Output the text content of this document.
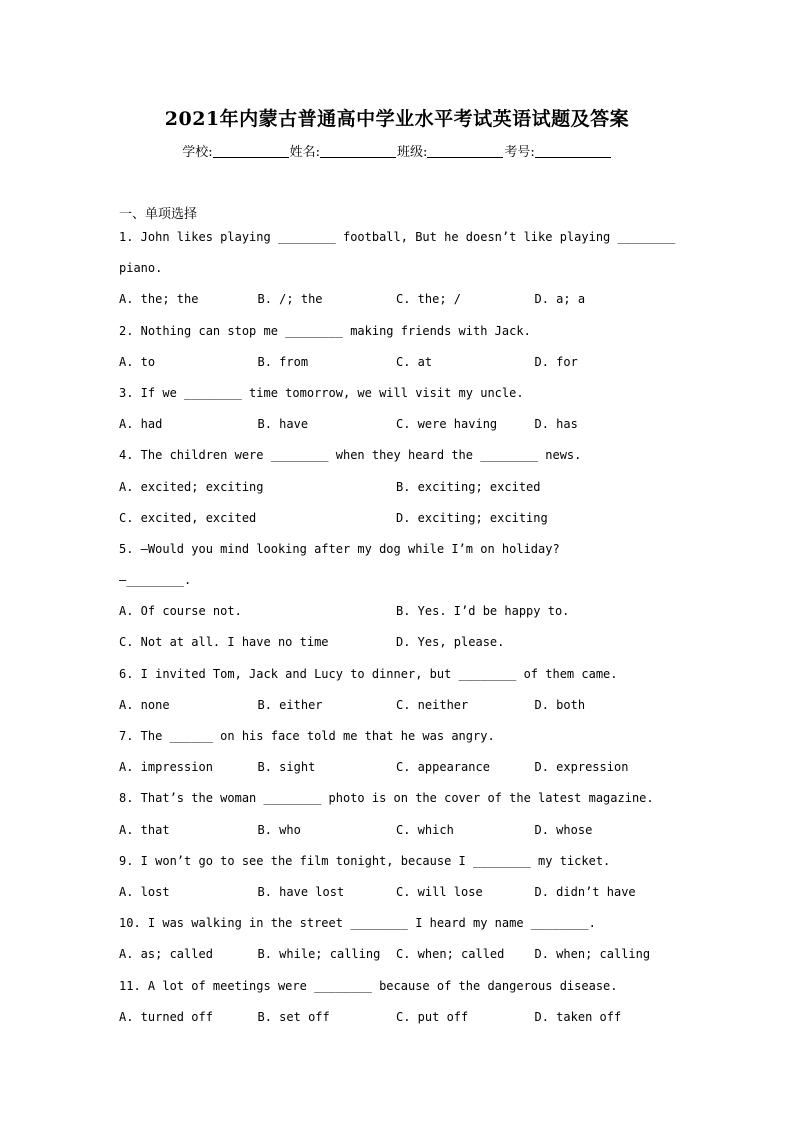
2021年内蒙古普通高中学业水平考试英语试题及答案
学校:	姓名:	班级:	考号:
一、单项选择
1. John likes playing ________ football, But he doesn’t like playing ________
piano.
A. the; the	B. /; the	C. the; /	D. a; a
2. Nothing can stop me ________ making friends with Jack.
A. to	B. from	C. at	D. for
3. If we ________ time tomorrow, we will visit my uncle.
A. had	B. have	C. were having	D. has
4. The children were ________ when they heard the ________ news.
A. excited; exciting	B. exciting; excited
C. excited, excited	D. exciting; exciting
5. —Would you mind looking after my dog while I’m on holiday?
—________.
A. Of course not.	B. Yes. I’d be happy to.
C. Not at all. I have no time	D. Yes, please.
6. I invited Tom, Jack and Lucy to dinner, but ________ of them came.
A. none	B. either	C. neither	D. both
7. The ______ on his face told me that he was angry.
A. impression	B. sight	C. appearance	D. expression
8. That’s the woman ________ photo is on the cover of the latest magazine.
A. that	B. who	C. which	D. whose
9. I won’t go to see the film tonight, because I ________ my ticket.
A. lost	B. have lost	C. will lose	D. didn’t have
10. I was walking in the street ________ I heard my name ________.
A. as; called	B. while; calling	C. when; called	D. when; calling
11. A lot of meetings were ________ because of the dangerous disease.
A. turned off	B. set off	C. put off	D. taken off
